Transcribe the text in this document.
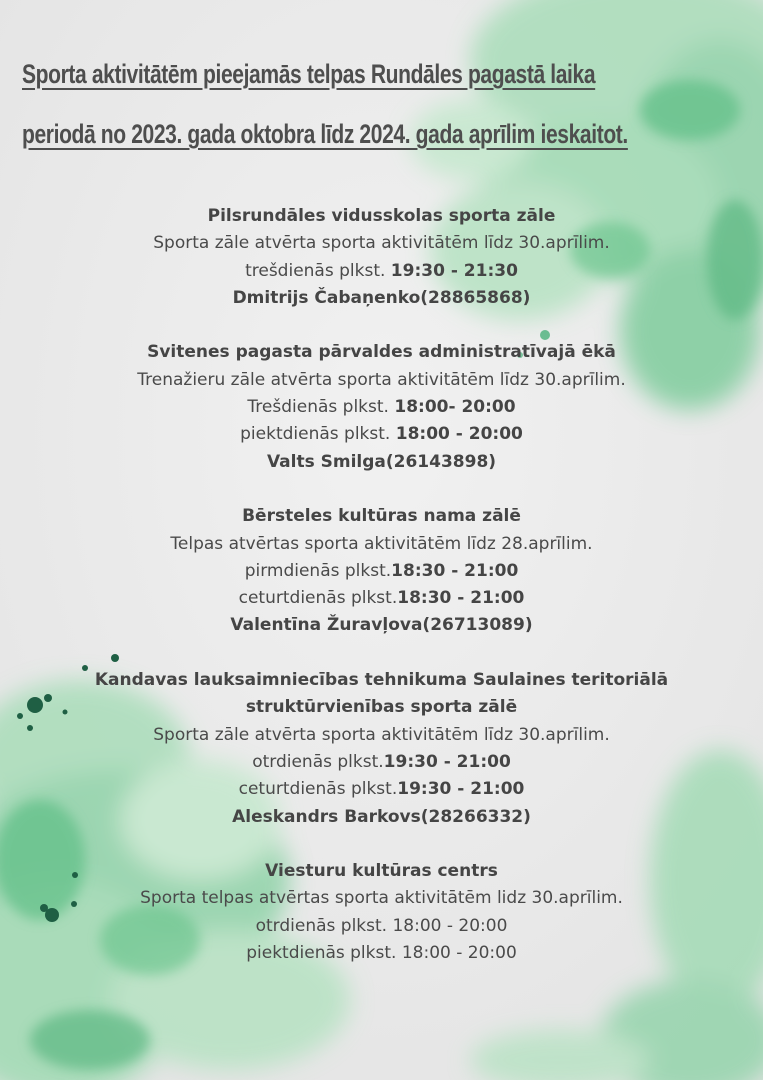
Sporta aktivitātēm pieejamās telpas Rundāles pagastā laika
periodā no 2023. gada oktobra līdz 2024. gada aprīlim ieskaitot.
Pilsrundāles vidusskolas sporta zāle
Sporta zāle atvērta sporta aktivitātēm līdz 30.aprīlim.
trešdienās plkst. 19:30 - 21:30
Dmitrijs Čabaņenko(28865868)
Svitenes pagasta pārvaldes administratīvajā ēkā
Trenažieru zāle atvērta sporta aktivitātēm līdz 30.aprīlim.
Trešdienās plkst. 18:00- 20:00
piektdienās plkst. 18:00 - 20:00
Valts Smilga(26143898)
Bērsteles kultūras nama zālē
Telpas atvērtas sporta aktivitātēm līdz 28.aprīlim.
pirmdienās plkst.18:30 - 21:00
ceturtdienās plkst.18:30 - 21:00
Valentīna Žuravļova(26713089)
Kandavas lauksaimniecības tehnikuma Saulaines teritoriālā
struktūrvienības sporta zālē
Sporta zāle atvērta sporta aktivitātēm līdz 30.aprīlim.
otrdienās plkst.19:30 - 21:00
ceturtdienās plkst.19:30 - 21:00
Aleskandrs Barkovs(28266332)
Viesturu kultūras centrs
Sporta telpas atvērtas sporta aktivitātēm lidz 30.aprīlim.
otrdienās plkst. 18:00 - 20:00
piektdienās plkst. 18:00 - 20:00
